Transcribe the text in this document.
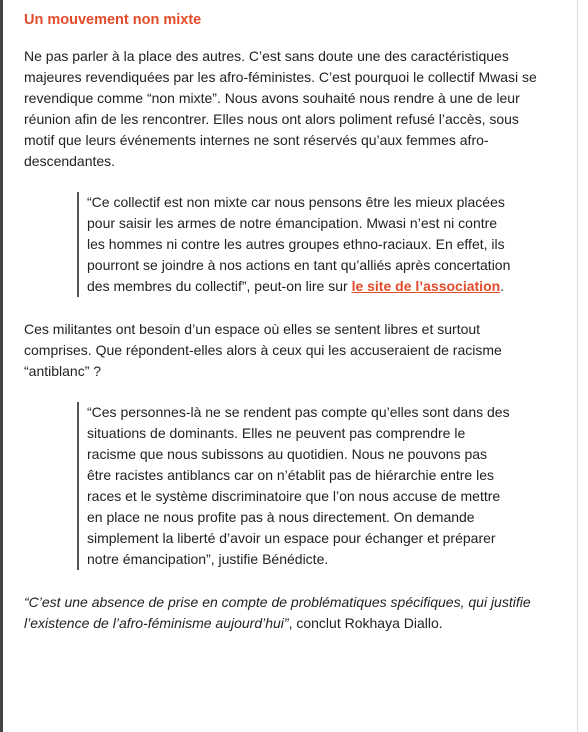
Un mouvement non mixte

Ne pas parler à la place des autres. C’est sans doute une des caractéristiques majeures revendiquées par les afro-féministes. C’est pourquoi le collectif Mwasi se revendique comme “non mixte”. Nous avons souhaité nous rendre à une de leur réunion afin de les rencontrer. Elles nous ont alors poliment refusé l’accès, sous motif que leurs événements internes ne sont réservés qu’aux femmes afro-descendantes.

“Ce collectif est non mixte car nous pensons être les mieux placées pour saisir les armes de notre émancipation. Mwasi n’est ni contre les hommes ni contre les autres groupes ethno-raciaux. En effet, ils pourront se joindre à nos actions en tant qu’alliés après concertation des membres du collectif”, peut-on lire sur le site de l’association.

Ces militantes ont besoin d’un espace où elles se sentent libres et surtout comprises. Que répondent-elles alors à ceux qui les accuseraient de racisme “antiblanc” ?

“Ces personnes-là ne se rendent pas compte qu’elles sont dans des situations de dominants. Elles ne peuvent pas comprendre le racisme que nous subissons au quotidien. Nous ne pouvons pas être racistes antiblancs car on n’établit pas de hiérarchie entre les races et le système discriminatoire que l’on nous accuse de mettre en place ne nous profite pas à nous directement. On demande simplement la liberté d’avoir un espace pour échanger et préparer notre émancipation”, justifie Bénédicte.

“C’est une absence de prise en compte de problématiques spécifiques, qui justifie l’existence de l’afro-féminisme aujourd’hui”, conclut Rokhaya Diallo.
